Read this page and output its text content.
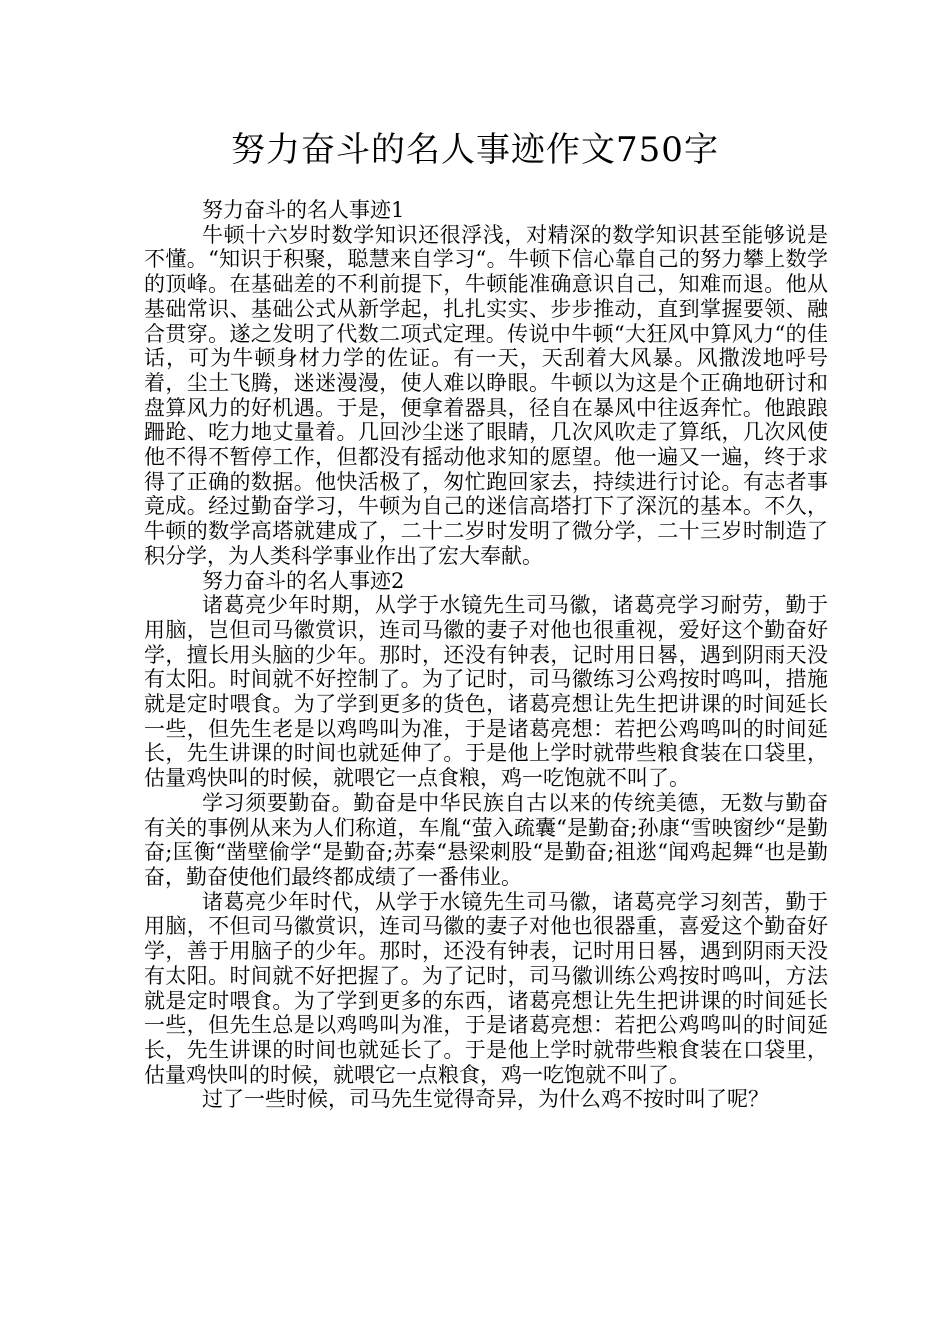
努力奋斗的名人事迹作文750字

努力奋斗的名人事迹1

牛顿十六岁时数学知识还很浮浅，对精深的数学知识甚至能够说是不懂。“知识于积聚，聪慧来自学习“。牛顿下信心靠自己的努力攀上数学的顶峰。在基础差的不利前提下，牛顿能准确意识自己，知难而退。他从基础常识、基础公式从新学起，扎扎实实、步步推动，直到掌握要领、融合贯穿。遂之发明了代数二项式定理。传说中牛顿“大狂风中算风力“的佳话，可为牛顿身材力学的佐证。有一天，天刮着大风暴。风撒泼地呼号着，尘土飞腾，迷迷漫漫，使人难以睁眼。牛顿以为这是个正确地研讨和盘算风力的好机遇。于是，便拿着器具，径自在暴风中往返奔忙。他踉踉跚跄、吃力地丈量着。几回沙尘迷了眼睛，几次风吹走了算纸，几次风使他不得不暂停工作，但都没有摇动他求知的愿望。他一遍又一遍，终于求得了正确的数据。他快活极了，匆忙跑回家去，持续进行讨论。有志者事竟成。经过勤奋学习，牛顿为自己的迷信高塔打下了深沉的基本。不久，牛顿的数学高塔就建成了，二十二岁时发明了微分学，二十三岁时制造了积分学，为人类科学事业作出了宏大奉献。

努力奋斗的名人事迹2

诸葛亮少年时期，从学于水镜先生司马徽，诸葛亮学习耐劳，勤于用脑，岂但司马徽赏识，连司马徽的妻子对他也很重视，爱好这个勤奋好学，擅长用头脑的少年。那时，还没有钟表，记时用日晷，遇到阴雨天没有太阳。时间就不好控制了。为了记时，司马徽练习公鸡按时鸣叫，措施就是定时喂食。为了学到更多的货色，诸葛亮想让先生把讲课的时间延长一些，但先生老是以鸡鸣叫为准，于是诸葛亮想：若把公鸡鸣叫的时间延长，先生讲课的时间也就延伸了。于是他上学时就带些粮食装在口袋里，估量鸡快叫的时候，就喂它一点食粮，鸡一吃饱就不叫了。

学习须要勤奋。勤奋是中华民族自古以来的传统美德，无数与勤奋有关的事例从来为人们称道，车胤“萤入疏囊“是勤奋;孙康“雪映窗纱“是勤奋;匡衡“凿壁偷学“是勤奋;苏秦“悬梁刺股“是勤奋;祖逖“闻鸡起舞“也是勤奋，勤奋使他们最终都成绩了一番伟业。

诸葛亮少年时代，从学于水镜先生司马徽，诸葛亮学习刻苦，勤于用脑，不但司马徽赏识，连司马徽的妻子对他也很器重，喜爱这个勤奋好学，善于用脑子的少年。那时，还没有钟表，记时用日晷，遇到阴雨天没有太阳。时间就不好把握了。为了记时，司马徽训练公鸡按时鸣叫，方法就是定时喂食。为了学到更多的东西，诸葛亮想让先生把讲课的时间延长一些，但先生总是以鸡鸣叫为准，于是诸葛亮想：若把公鸡鸣叫的时间延长，先生讲课的时间也就延长了。于是他上学时就带些粮食装在口袋里，估量鸡快叫的时候，就喂它一点粮食，鸡一吃饱就不叫了。

过了一些时候，司马先生觉得奇异，为什么鸡不按时叫了呢？
